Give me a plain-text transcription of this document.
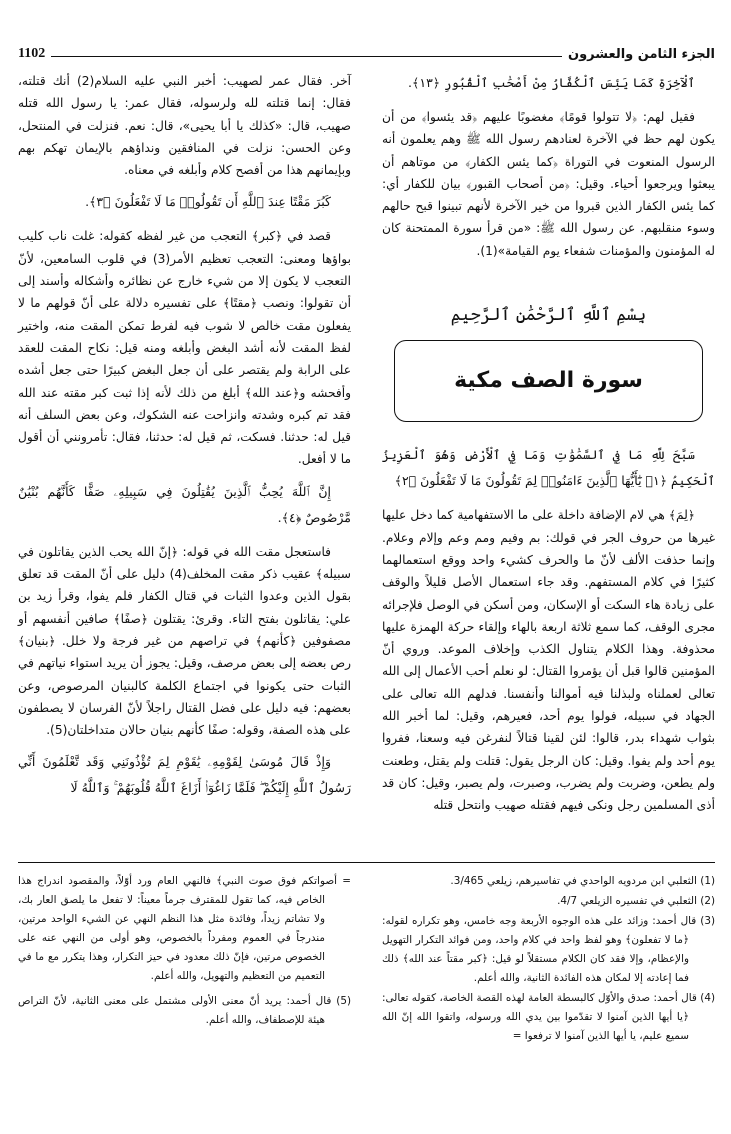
الجزء الثامن والعشرون
1102
ٱلْآخِرَةِ كَمَا يَئِسَ ٱلْكُفَّارُ مِنْ أَصْحَٰبِ ٱلْقُبُورِ ﴿١٣﴾.

فقيل لهم: ﴿لا تتولوا قومًا﴾ مغضوبًا عليهم ﴿قد يئسوا﴾ من أن يكون لهم حظ في الآخرة لعنادهم رسول الله ﷺ وهم يعلمون أنه الرسول المنعوت في التوراة ﴿كما يئس الكفار﴾ من موتاهم أن يبعثوا ويرجعوا أحياء. وقيل: ﴿من أصحاب القبور﴾ بيان للكفار أي: كما يئس الكفار الذين قبروا من خير الآخرة لأنهم تبينوا قبح حالهم وسوء منقلبهم. عن رسول الله ﷺ: «من قرأ سورة الممتحنة كان له المؤمنون والمؤمنات شفعاء يوم القيامة»(1).

بِسْمِ ٱللَّهِ ٱلرَّحْمَٰنِ ٱلرَّحِيمِ
سورة الصف مكية
سَبَّحَ لِلَّهِ مَا فِي ٱلسَّمَٰوَٰتِ وَمَا فِي ٱلْأَرْضِ وَهُوَ ٱلْعَزِيزُ ٱلْحَكِيمُ ﴿١﴾ يَٰٓأَيُّهَا ٱلَّذِينَ ءَامَنُوا۟ لِمَ تَقُولُونَ مَا لَا تَفْعَلُونَ ﴿٢﴾

﴿لِمَ﴾ هي لام الإضافة داخلة على ما الاستفهامية كما دخل عليها غيرها من حروف الجر في قولك: بم وفيم ومم وعم وإلام وعلام. وإنما حذفت الألف لأنّ ما والحرف كشيء واحد ووقع استعمالهما كثيرًا في كلام المستفهم. وقد جاء استعمال الأصل قليلاً والوقف على زيادة هاء السكت أو الإسكان، ومن أسكن في الوصل فلإجرائه مجرى الوقف، كما سمع ثلاثة اربعة بالهاء وإلقاء حركة الهمزة عليها محذوفة. وهذا الكلام يتناول الكذب وإخلاف الموعد. وروي أنّ المؤمنين قالوا قبل أن يؤمروا القتال: لو نعلم أحب الأعمال إلى الله تعالى لعملناه ولبذلنا فيه أموالنا وأنفسنا. فدلهم الله تعالى على الجهاد في سبيله، فولوا يوم أحد، فعيرهم، وقيل: لما أخبر الله بثواب شهداء بدر، قالوا: لئن لقينا قتالاً لنفرغن فيه وسعنا، ففروا يوم أحد ولم يفوا. وقيل: كان الرجل يقول: قتلت ولم يقتل، وطعنت ولم يطعن، وضربت ولم يضرب، وصبرت، ولم يصبر، وقيل: كان قد أذى المسلمين رجل ونكى فيهم فقتله صهيب وانتحل قتله

آخر. فقال عمر لصهيب: أخبر النبي عليه السلام(2) أنك قتلته، فقال: إنما قتلته لله ولرسوله، فقال عمر: يا رسول الله قتله صهيب، قال: «كذلك يا أبا يحيى»، قال: نعم. فنزلت في المنتحل، وعن الحسن: نزلت في المنافقين ونداؤهم بالإيمان تهكم بهم وبإيمانهم هذا من أفصح كلام وأبلغه في معناه.

كَبُرَ مَقْتًا عِندَ ٱللَّهِ أَن تَقُولُوا۟ مَا لَا تَفْعَلُونَ ﴿٣﴾.

قصد في ﴿كبر﴾ التعجب من غير لفظه كقوله: غلت ناب كليب بواؤها ومعنى: التعجب تعظيم الأمر(3) في قلوب السامعين، لأنّ التعجب لا يكون إلا من شيء خارج عن نظائره وأشكاله وأسند إلى أن تقولوا: ونصب ﴿مقتًا﴾ على تفسيره دلالة على أنّ قولهم ما لا يفعلون مقت خالص لا شوب فيه لفرط تمكن المقت منه، واختير لفظ المقت لأنه أشد البغض وأبلغه ومنه قيل: نكاح المقت للعقد على الرابة ولم يقتصر على أن جعل البغض كبيرًا حتى جعل أشده وأفحشه و﴿عند الله﴾ أبلغ من ذلك لأنه إذا ثبت كبر مقته عند الله فقد تم كبره وشدته وانزاحت عنه الشكوك، وعن بعض السلف أنه قيل له: حدثنا. فسكت، ثم قيل له: حدثنا، فقال: تأمرونني أن أقول ما لا أفعل.

إِنَّ ٱللَّهَ يُحِبُّ ٱلَّذِينَ يُقَٰتِلُونَ فِي سَبِيلِهِۦ صَفًّا كَأَنَّهُم بُنْيَٰنٌ مَّرْصُوصٌ ﴿٤﴾.

فاستعجل مقت الله في قوله: ﴿إنّ الله يحب الذين يقاتلون في سبيله﴾ عقيب ذكر مقت المخلف(4) دليل على أنّ المقت قد تعلق بقول الذين وعدوا الثبات في قتال الكفار فلم يفوا، وقرأ زيد بن علي: يقاتلون بفتح التاء. وقرئ: يقتلون ﴿صفًا﴾ صافين أنفسهم أو مصفوفين ﴿كأنهم﴾ في تراصهم من غير فرجة ولا خلل. ﴿بنيان﴾ رص بعضه إلى بعض مرصف، وقيل: يجوز أن يريد استواء نياتهم في الثبات حتى يكونوا في اجتماع الكلمة كالبنيان المرصوص، وعن بعضهم: فيه دليل على فضل القتال راجلاً لأنّ الفرسان لا يصطفون على هذه الصفة، وقوله: صفًا كأنهم بنيان حالان متداخلتان(5).

وَإِذْ قَالَ مُوسَىٰ لِقَوْمِهِۦ يَٰقَوْمِ لِمَ تُؤْذُونَنِي وَقَد تَّعْلَمُونَ أَنِّي رَسُولُ ٱللَّهِ إِلَيْكُمْ ۖ فَلَمَّا زَاغُوٓا۟ أَزَاغَ ٱللَّهُ قُلُوبَهُمْ ۚ وَٱللَّهُ لَا
(1) الثعلبي ابن مردويه الواحدي في تفاسيرهم، زيلعي 3/465.
(2) الثعلبي في تفسيره الزيلعي 4/7.
(3) قال أحمد: وزائد على هذه الوجوه الأربعة وجه خامس، وهو تكراره لقوله: ﴿ما لا تفعلون﴾ وهو لفظ واحد في كلام واحد، ومن فوائد التكرار التهويل والإعظام، وإلا فقد كان الكلام مستقلاً لو قيل: ﴿كبر مقتاً عند الله﴾ ذلك فما إعادته إلا لمكان هذه الفائدة الثانية، والله أعلم.
(4) قال أحمد: صدق والأوّل كالبسطة العامة لهذه القصة الخاصة، كقوله تعالى: ﴿يا أيها الذين آمنوا لا تقدّموا بين يدي الله ورسوله، واتقوا الله إنّ الله سميع عليم، يا أيها الذين آمنوا لا ترفعوا =
= أصواتكم فوق صوت النبي﴾ فالنهي العام ورد أوّلاً، والمقصود اندراج هذا الخاص فيه، كما تقول للمقترف جرماً معيناً: لا تفعل ما يلصق العار بك، ولا تشاتم زيداً، وفائدة مثل هذا النظم النهي عن الشيء الواحد مرتين، مندرجاً في العموم ومفرداً بالخصوص، وهو أولى من النهي عنه على الخصوص مرتين، فإنّ ذلك معدود في حيز التكرار، وهذا يتكرر مع ما في التعميم من التعظيم والتهويل، والله أعلم.
(5) قال أحمد: يريد أنّ معنى الأولى مشتمل على معنى الثانية، لأنّ التراص هيئة للإصطفاف، والله أعلم.
